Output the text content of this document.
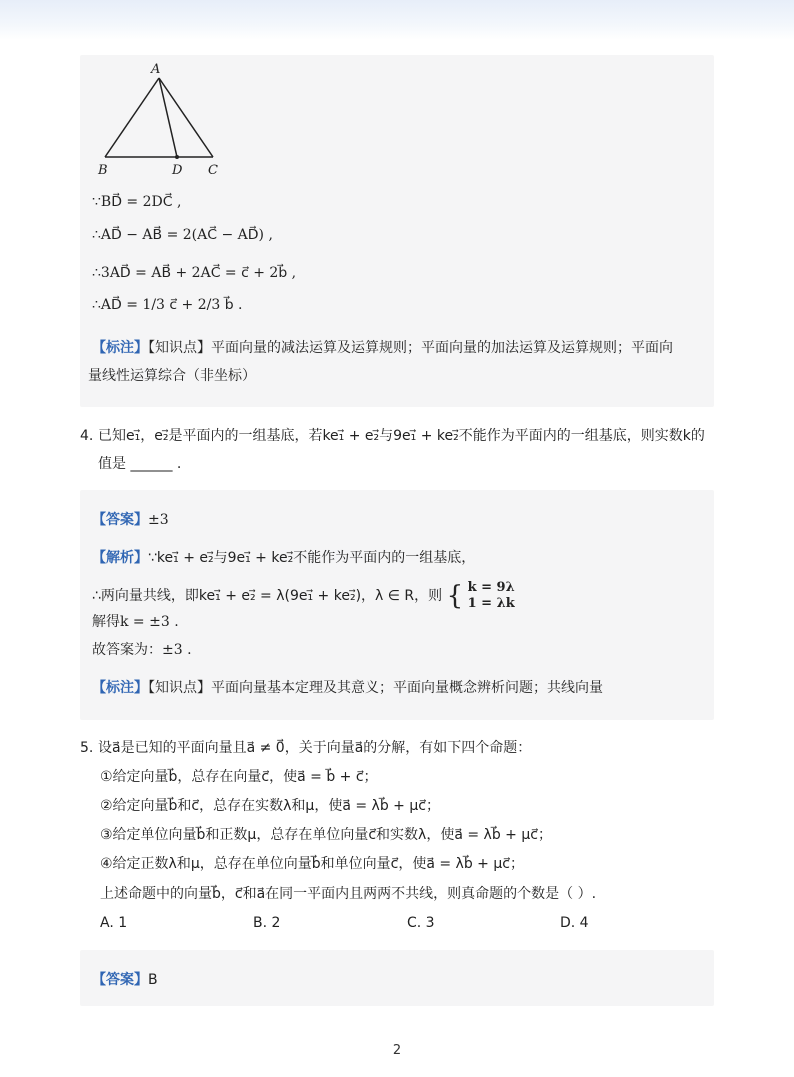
A
B	D C
∵BD⃗ = 2DC⃗ ,
∴AD⃗ − AB⃗ = 2(AC⃗ − AD⃗) ,
∴3AD⃗ = AB⃗ + 2AC⃗ = c⃗ + 2b⃗ ,
∴AD⃗ = 1/3 c⃗ + 2/3 b⃗ .
【标注】【知识点】平面向量的减法运算及运算规则；平面向量的加法运算及运算规则；平面向
量线性运算综合（非坐标）
4. 已知e₁⃗，e₂⃗是平面内的一组基底，若ke₁⃗ + e₂⃗与9e₁⃗ + ke₂⃗不能作为平面内的一组基底，则实数k的
值是 ______ .
【答案】±3
【解析】∵ke₁⃗ + e₂⃗与9e₁⃗ + ke₂⃗不能作为平面内的一组基底，
∴两向量共线，即ke₁⃗ + e₂⃗ = λ(9e₁⃗ + ke₂⃗)，λ ∈ R，则 { k = 9λ
1 = λk
解得k = ±3 .
故答案为：±3 .
【标注】【知识点】平面向量基本定理及其意义；平面向量概念辨析问题；共线向量
5. 设a⃗是已知的平面向量且a⃗ ≠ 0⃗，关于向量a⃗的分解，有如下四个命题：
①给定向量b⃗，总存在向量c⃗，使a⃗ = b⃗ + c⃗；
②给定向量b⃗和c⃗，总存在实数λ和μ，使a⃗ = λb⃗ + μc⃗；
③给定单位向量b⃗和正数μ，总存在单位向量c⃗和实数λ，使a⃗ = λb⃗ + μc⃗；
④给定正数λ和μ，总存在单位向量b⃗和单位向量c⃗，使a⃗ = λb⃗ + μc⃗；
上述命题中的向量b⃗，c⃗和a⃗在同一平面内且两两不共线，则真命题的个数是（ ）.
A. 1	B. 2	C. 3	D. 4
【答案】B
2
